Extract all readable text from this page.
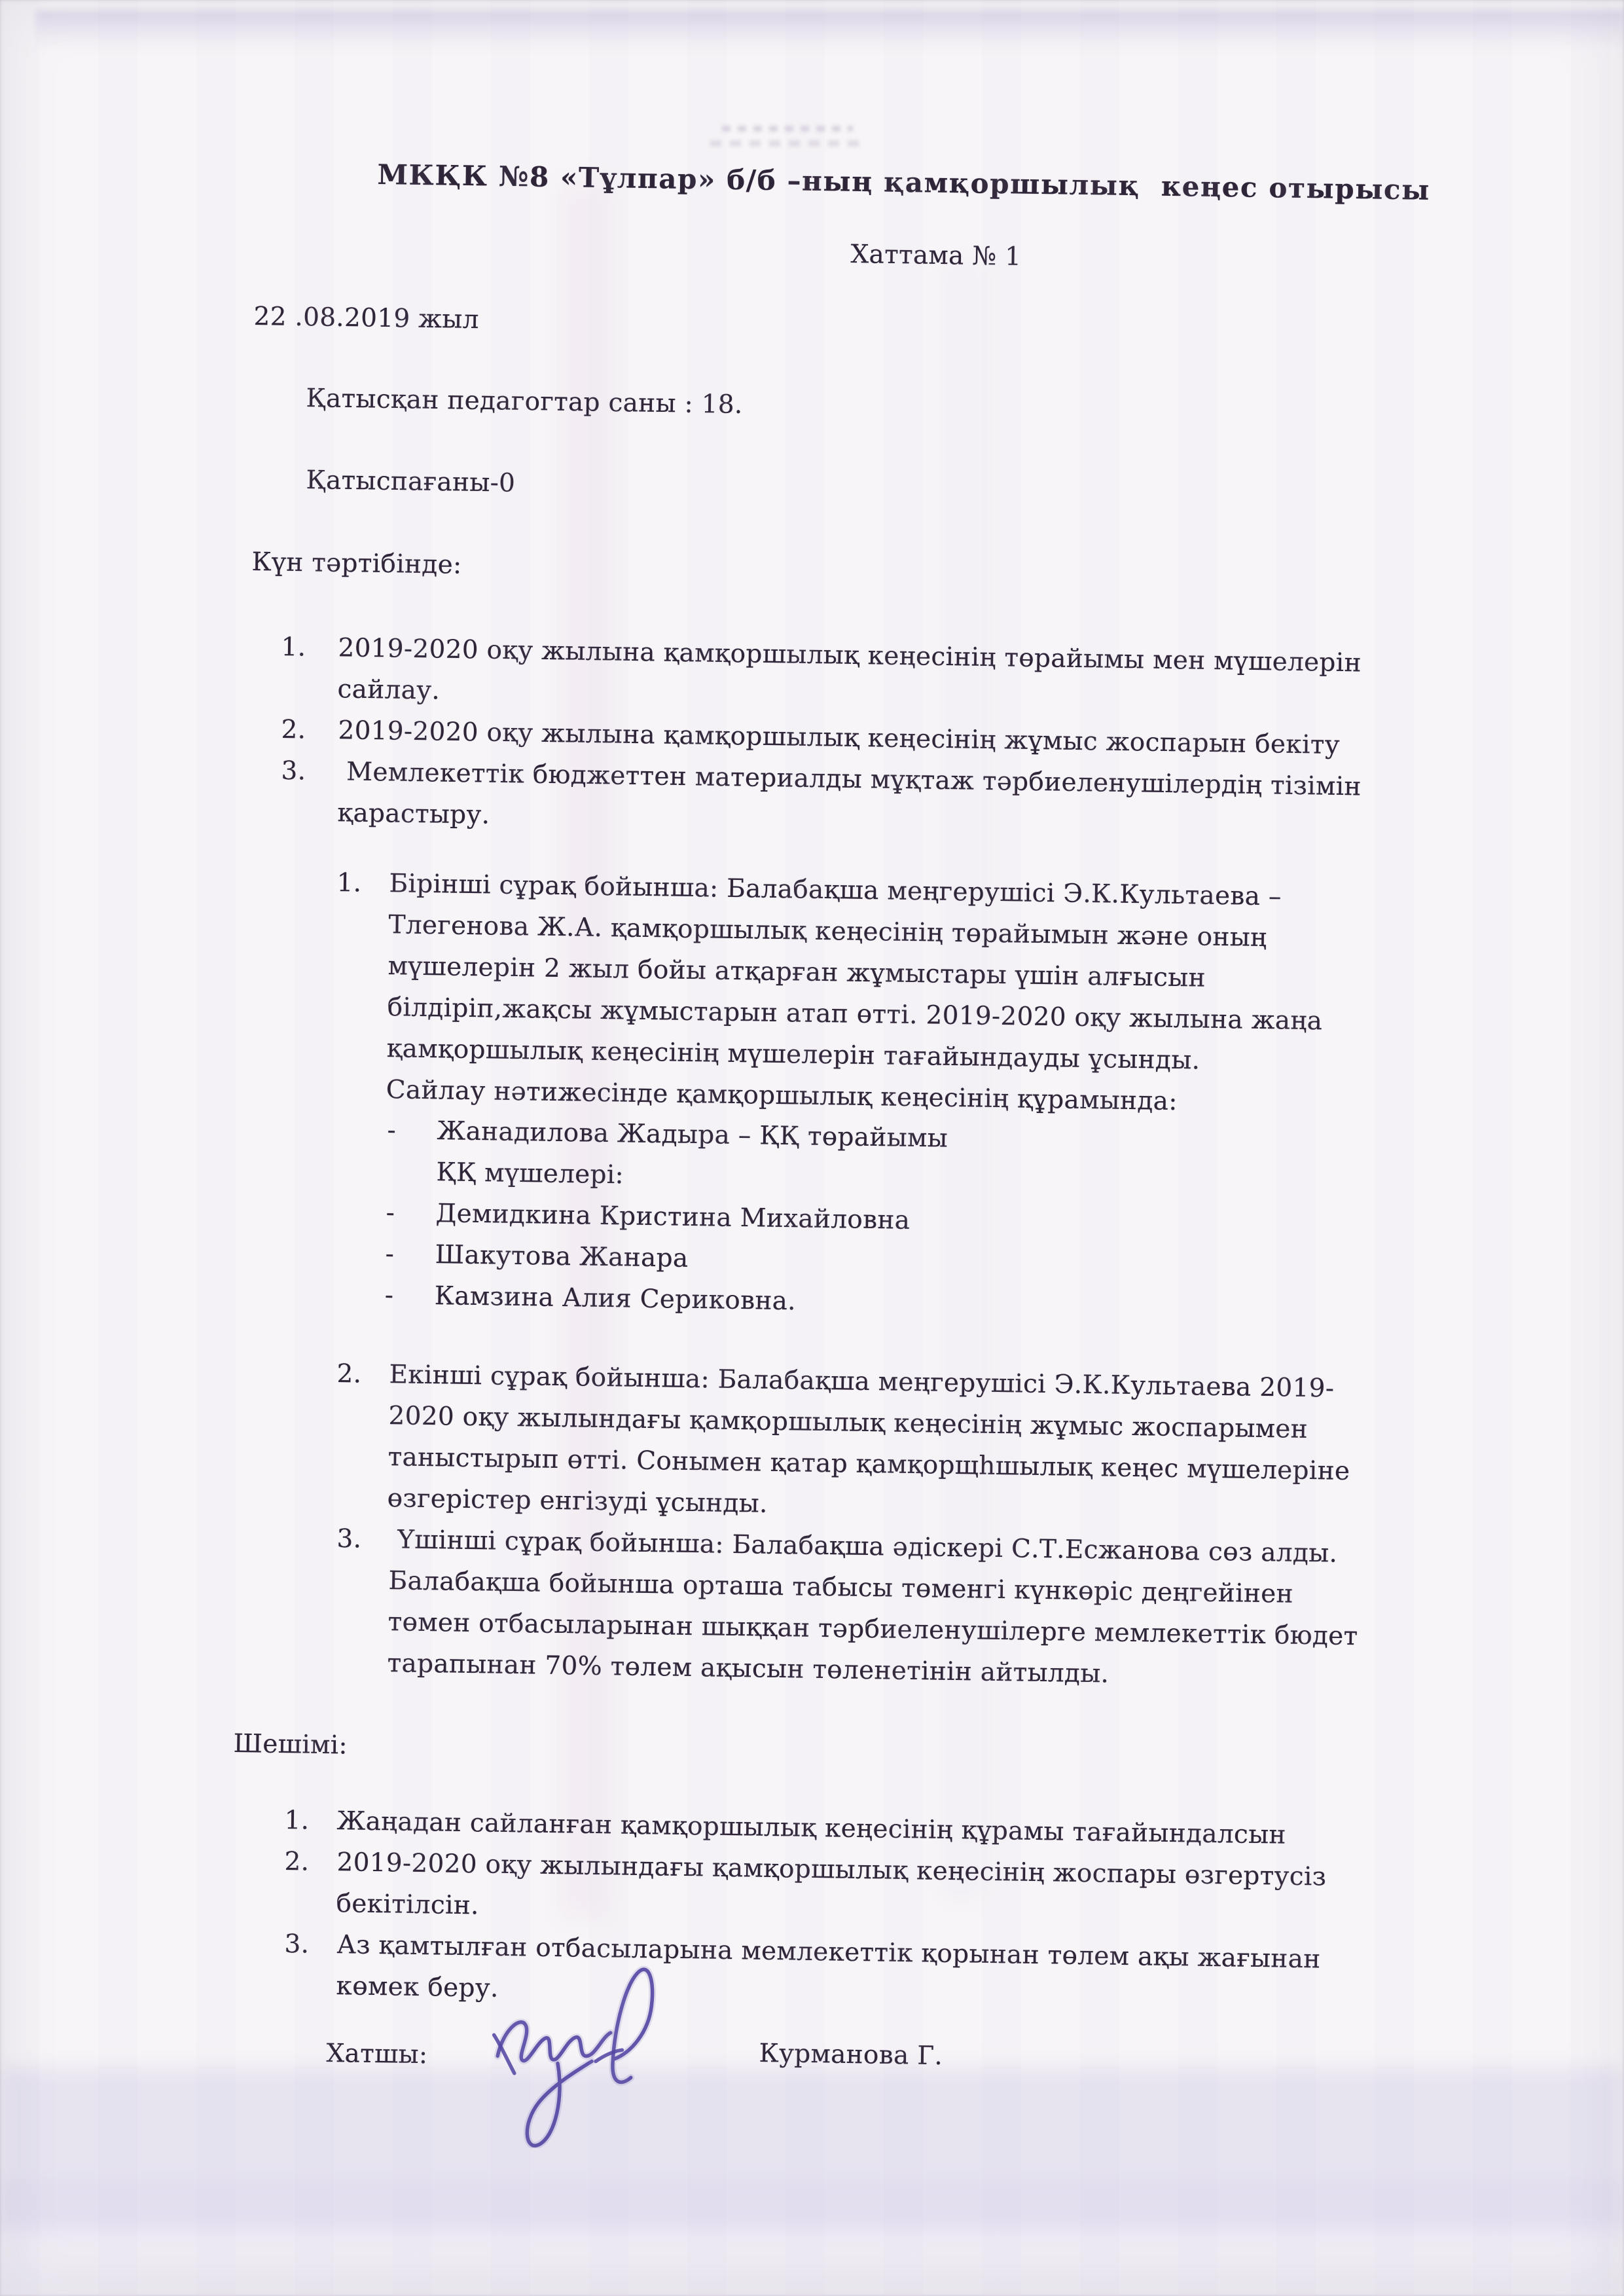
МКҚК №8 «Тұлпар» б/б –ның қамқоршылық  кеңес отырысы
Хаттама № 1
22 .08.2019 жыл
Қатысқан педагогтар саны : 18.
Қатыспағаны-0
Күн тәртібінде:
1. 2019-2020 оқу жылына қамқоршылық кеңесінің төрайымы мен мүшелерін
сайлау.
2. 2019-2020 оқу жылына қамқоршылық кеңесінің жұмыс жоспарын бекіту
3. Мемлекеттік бюджеттен материалды мұқтаж тәрбиеленушілердің тізімін
қарастыру.
1. Бірінші сұрақ бойынша: Балабақша меңгерушісі Э.К.Культаева –
Тлегенова Ж.А. қамқоршылық кеңесінің төрайымын және оның
мүшелерін 2 жыл бойы атқарған жұмыстары үшін алғысын
білдіріп,жақсы жұмыстарын атап өтті. 2019-2020 оқу жылына жаңа
қамқоршылық кеңесінің мүшелерін тағайындауды ұсынды.
Сайлау нәтижесінде қамқоршылық кеңесінің құрамында:
- Жанадилова Жадыра – ҚҚ төрайымы
ҚҚ мүшелері:
- Демидкина Кристина Михайловна
- Шакутова Жанара
- Камзина Алия Сериковна.
2. Екінші сұрақ бойынша: Балабақша меңгерушісі Э.К.Культаева 2019-
2020 оқу жылындағы қамқоршылық кеңесінің жұмыс жоспарымен
таныстырып өтті. Сонымен қатар қамқорщһшылық кеңес мүшелеріне
өзгерістер енгізуді ұсынды.
3. Үшінші сұрақ бойынша: Балабақша әдіскері С.Т.Есжанова сөз алды.
Балабақша бойынша орташа табысы төменгі күнкөріс деңгейінен
төмен отбасыларынан шыққан тәрбиеленушілерге мемлекеттік бюдет
тарапынан 70% төлем ақысын төленетінін айтылды.
Шешімі:
1. Жаңадан сайланған қамқоршылық кеңесінің құрамы тағайындалсын
2. 2019-2020 оқу жылындағы қамқоршылық кеңесінің жоспары өзгертусіз
бекітілсін.
3. Аз қамтылған отбасыларына мемлекеттік қорынан төлем ақы жағынан
көмек беру.
Хатшы:	Курманова Г.
